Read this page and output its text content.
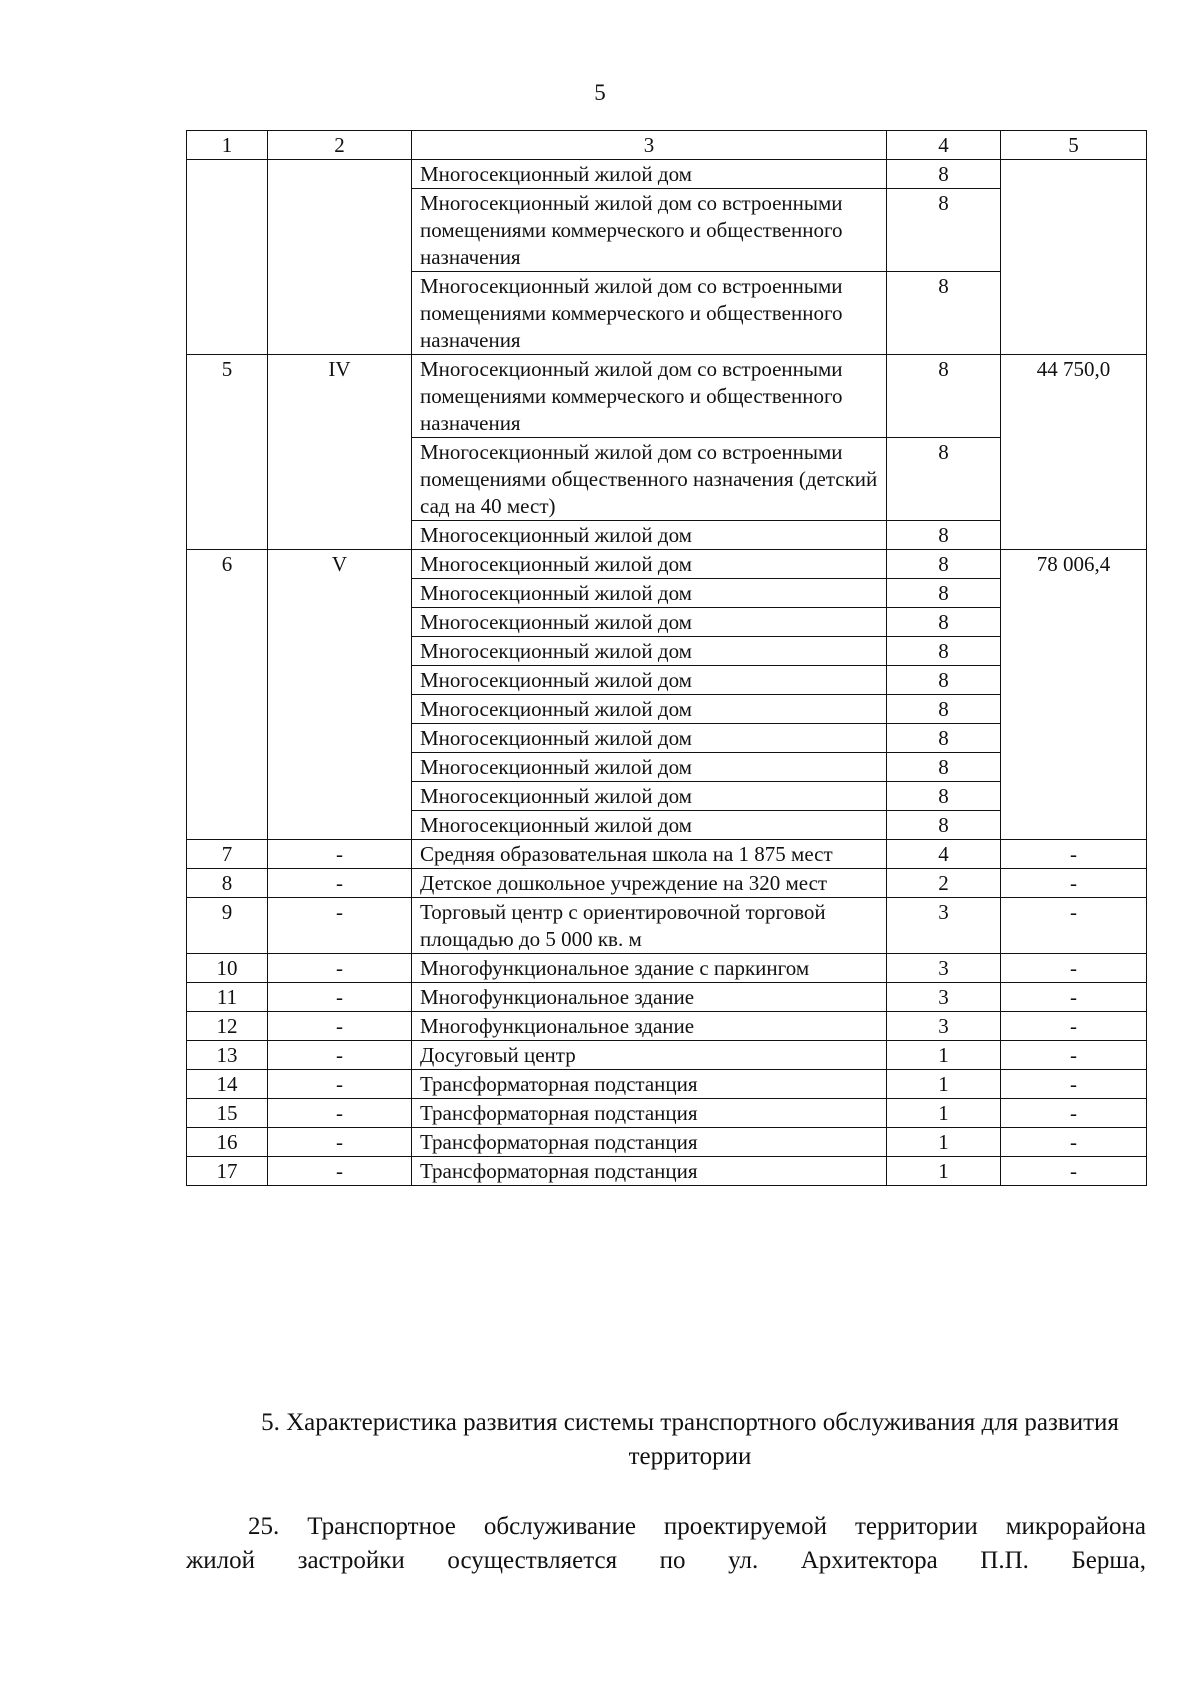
5
1	2	3	4	5
		Многосекционный жилой дом	8	
		Многосекционный жилой дом со встроенными помещениями коммерческого и общественного назначения	8	
		Многосекционный жилой дом со встроенными помещениями коммерческого и общественного назначения	8	
5	IV	Многосекционный жилой дом со встроенными помещениями коммерческого и общественного назначения	8	44 750,0
		Многосекционный жилой дом со встроенными помещениями общественного назначения (детский сад на 40 мест)	8	
		Многосекционный жилой дом	8	
6	V	Многосекционный жилой дом	8	78 006,4
		Многосекционный жилой дом	8	
		Многосекционный жилой дом	8	
		Многосекционный жилой дом	8	
		Многосекционный жилой дом	8	
		Многосекционный жилой дом	8	
		Многосекционный жилой дом	8	
		Многосекционный жилой дом	8	
		Многосекционный жилой дом	8	
		Многосекционный жилой дом	8	
7	-	Средняя образовательная школа на 1 875 мест	4	-
8	-	Детское дошкольное учреждение на 320 мест	2	-
9	-	Торговый центр с ориентировочной торговой площадью до 5 000 кв. м	3	-
10	-	Многофункциональное здание с паркингом	3	-
11	-	Многофункциональное здание	3	-
12	-	Многофункциональное здание	3	-
13	-	Досуговый центр	1	-
14	-	Трансформаторная подстанция	1	-
15	-	Трансформаторная подстанция	1	-
16	-	Трансформаторная подстанция	1	-
17	-	Трансформаторная подстанция	1	-
5. Характеристика развития системы транспортного обслуживания для развития территории
25. Транспортное обслуживание проектируемой территории микрорайона
жилой застройки осуществляется по ул. Архитектора П.П. Берша,
